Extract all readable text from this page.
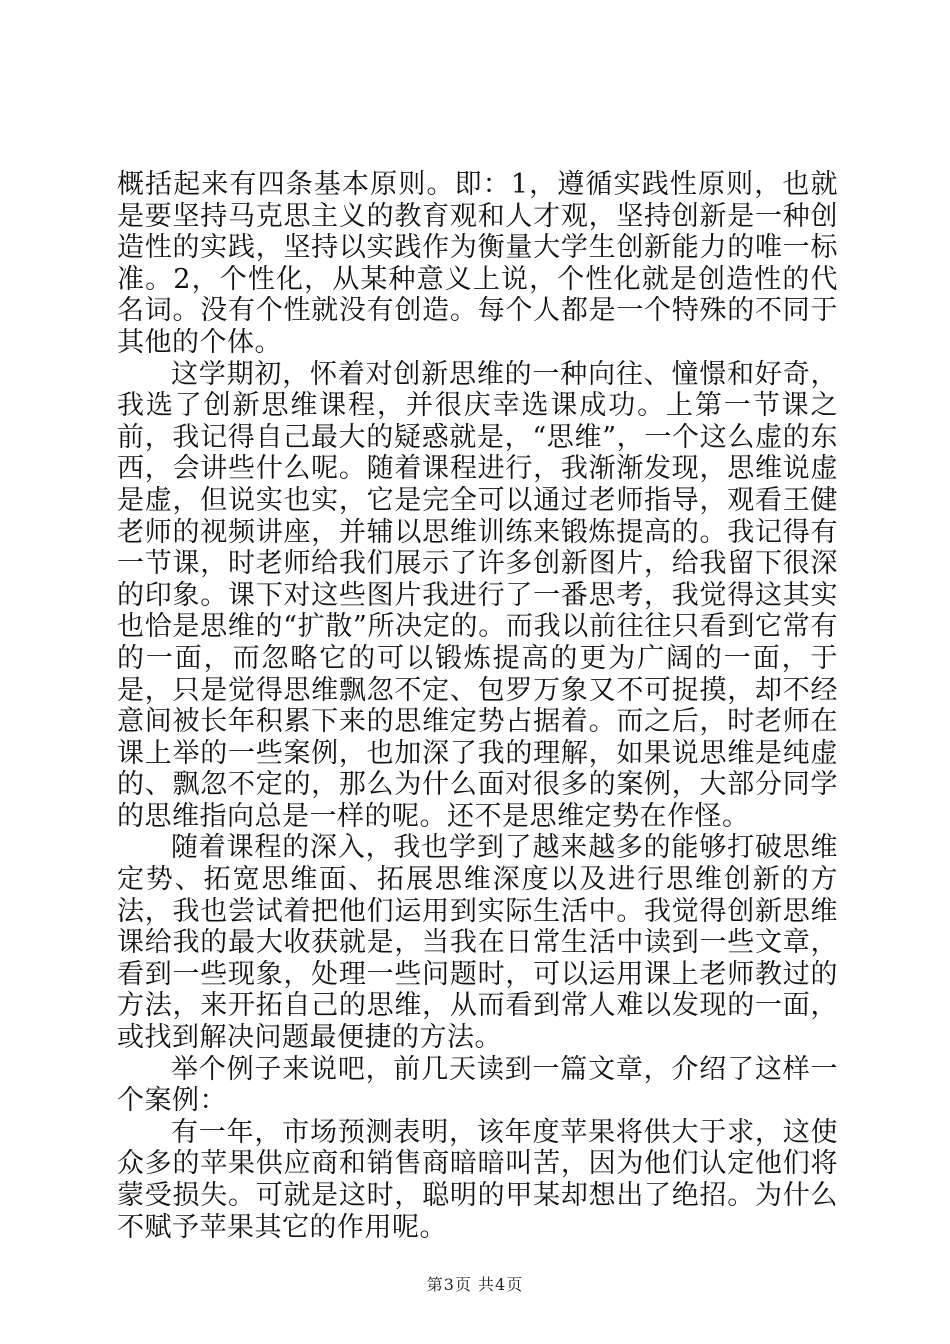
概括起来有四条基本原则。即：1，遵循实践性原则，也就是要坚持马克思主义的教育观和人才观，坚持创新是一种创造性的实践，坚持以实践作为衡量大学生创新能力的唯一标准。2，个性化，从某种意义上说，个性化就是创造性的代名词。没有个性就没有创造。每个人都是一个特殊的不同于其他的个体。

这学期初，怀着对创新思维的一种向往、憧憬和好奇，我选了创新思维课程，并很庆幸选课成功。上第一节课之前，我记得自己最大的疑惑就是，“思维”，一个这么虚的东西，会讲些什么呢。随着课程进行，我渐渐发现，思维说虚是虚，但说实也实，它是完全可以通过老师指导，观看王健老师的视频讲座，并辅以思维训练来锻炼提高的。我记得有一节课，时老师给我们展示了许多创新图片，给我留下很深的印象。课下对这些图片我进行了一番思考，我觉得这其实也恰是思维的“扩散”所决定的。而我以前往往只看到它常有的一面，而忽略它的可以锻炼提高的更为广阔的一面，于是，只是觉得思维飘忽不定、包罗万象又不可捉摸，却不经意间被长年积累下来的思维定势占据着。而之后，时老师在课上举的一些案例，也加深了我的理解，如果说思维是纯虚的、飘忽不定的，那么为什么面对很多的案例，大部分同学的思维指向总是一样的呢。还不是思维定势在作怪。

随着课程的深入，我也学到了越来越多的能够打破思维定势、拓宽思维面、拓展思维深度以及进行思维创新的方法，我也尝试着把他们运用到实际生活中。我觉得创新思维课给我的最大收获就是，当我在日常生活中读到一些文章，看到一些现象，处理一些问题时，可以运用课上老师教过的方法，来开拓自己的思维，从而看到常人难以发现的一面，或找到解决问题最便捷的方法。

举个例子来说吧，前几天读到一篇文章，介绍了这样一个案例：

有一年，市场预测表明，该年度苹果将供大于求，这使众多的苹果供应商和销售商暗暗叫苦，因为他们认定他们将蒙受损失。可就是这时，聪明的甲某却想出了绝招。为什么不赋予苹果其它的作用呢。

第3页 共4页
